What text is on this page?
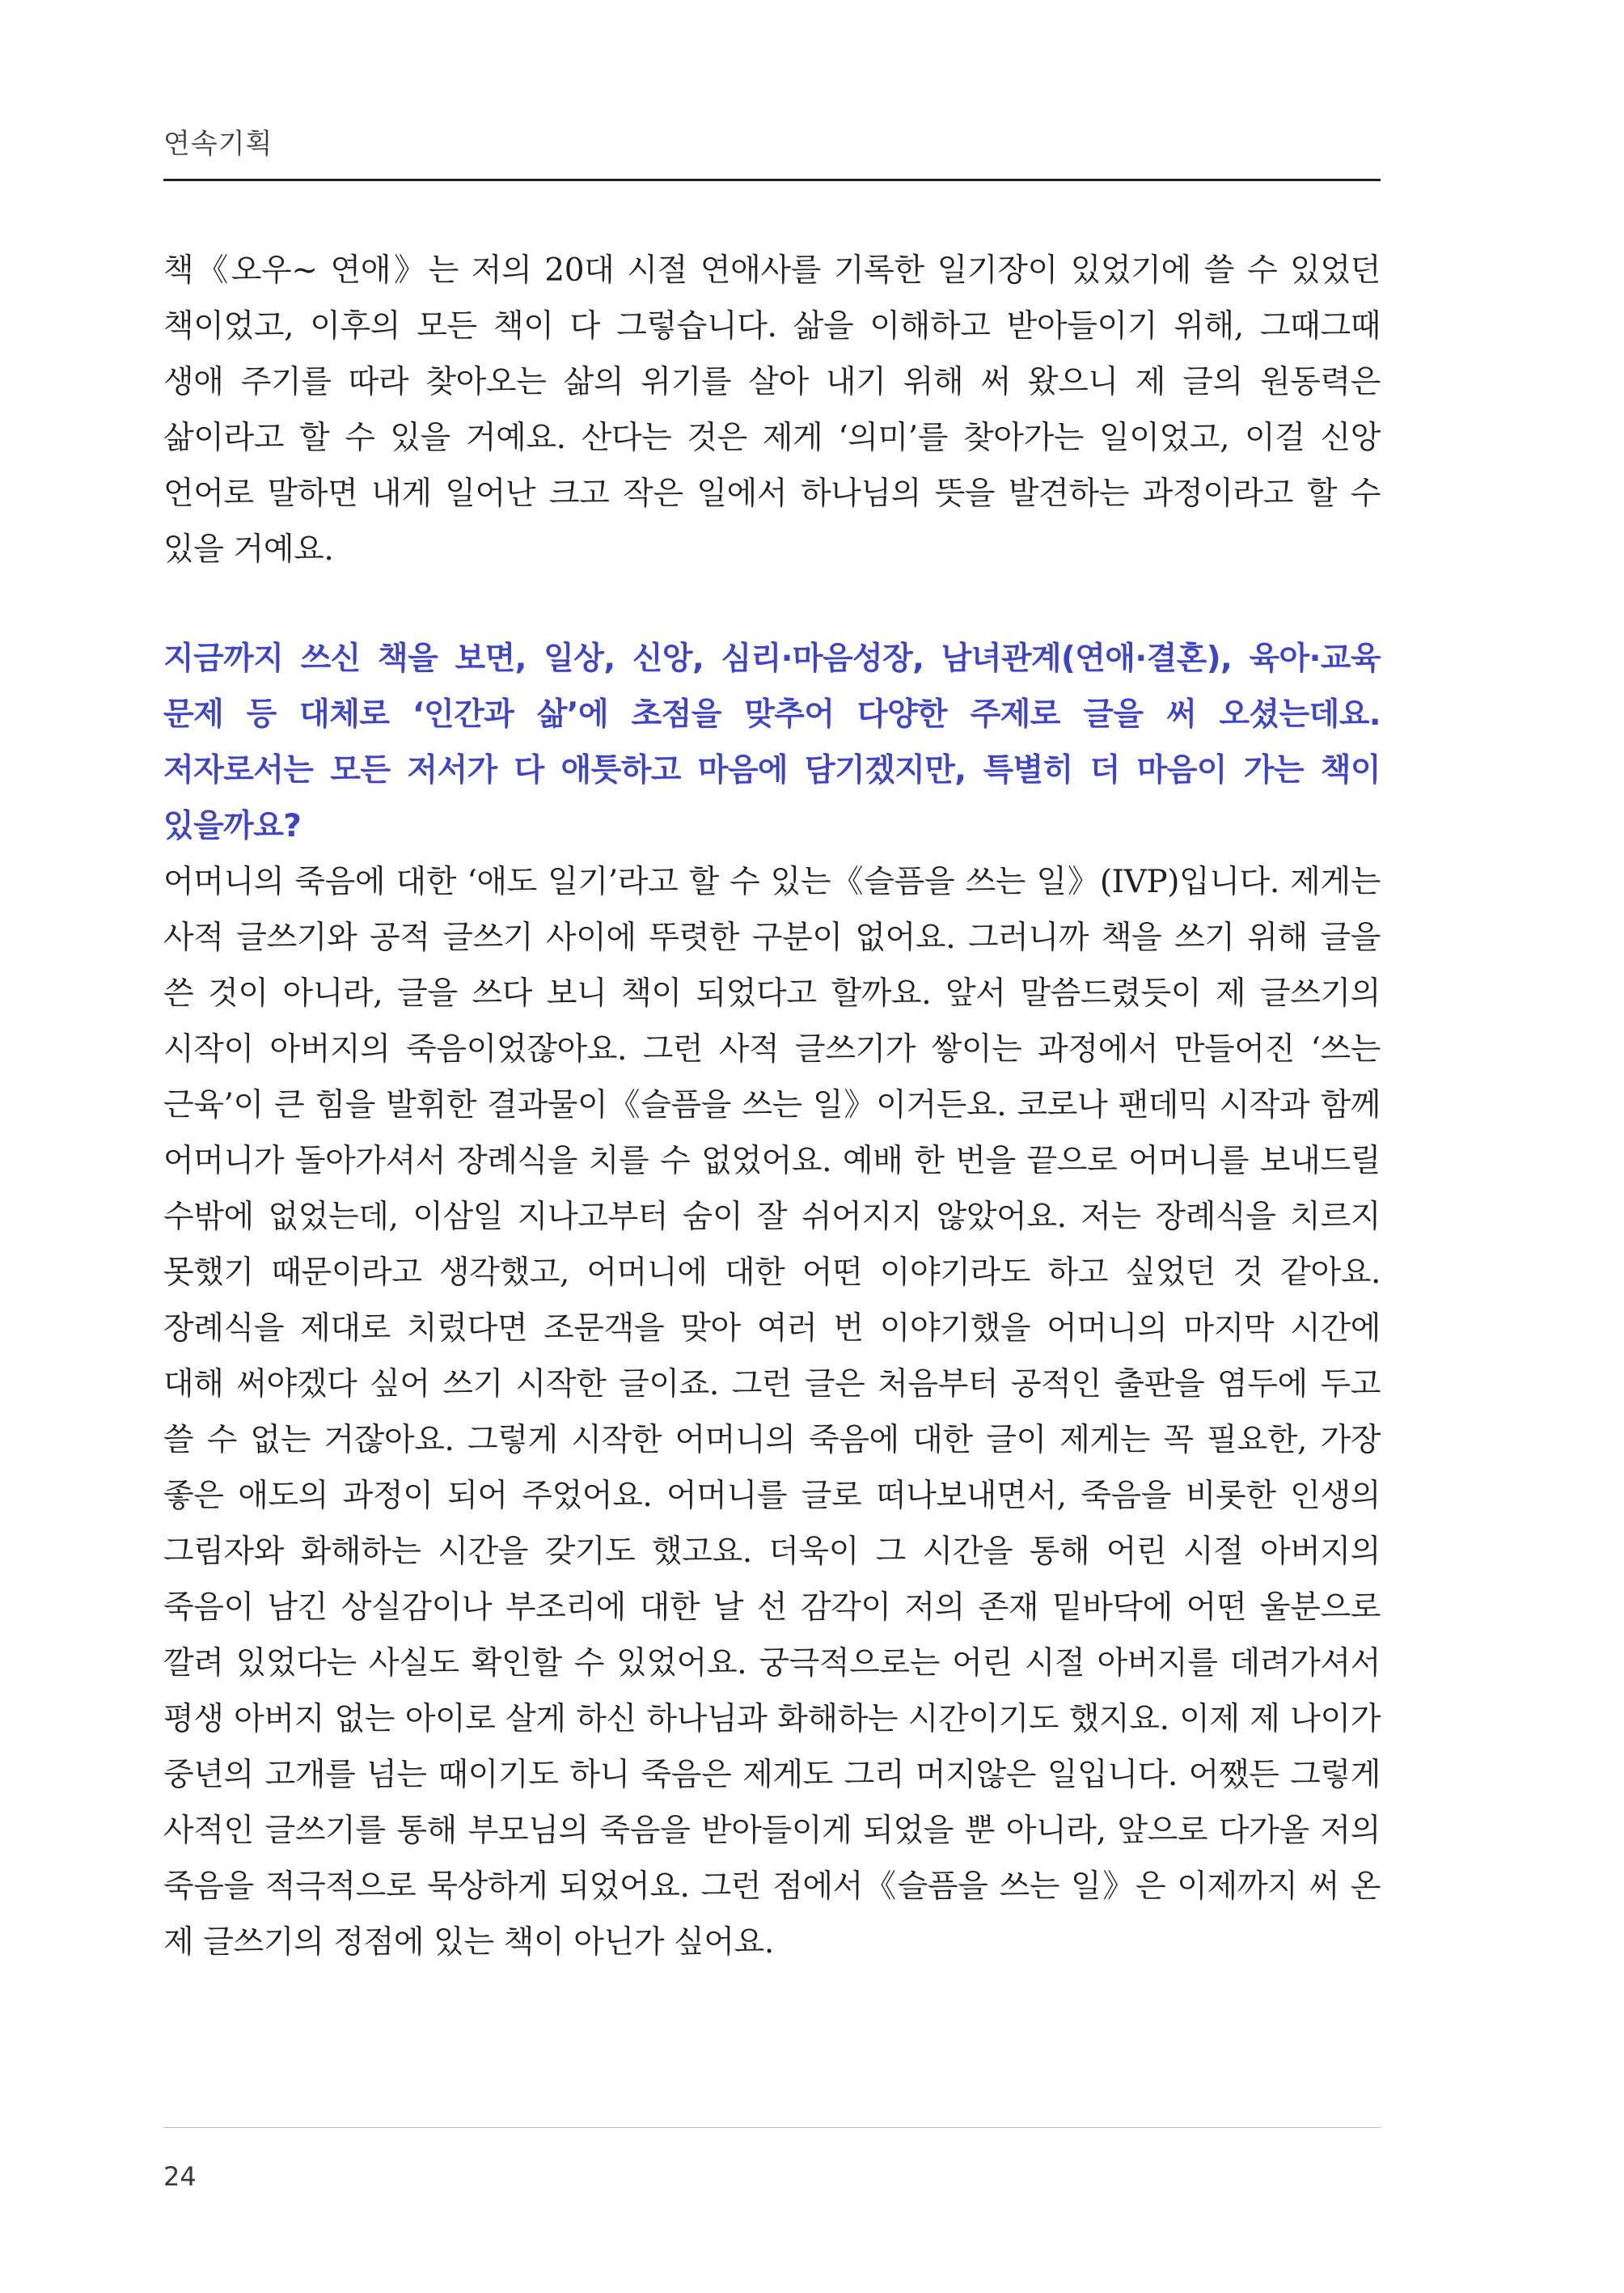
연속기획

책《오우~ 연애》는 저의 20대 시절 연애사를 기록한 일기장이 있었기에 쓸 수 있었던 책이었고, 이후의 모든 책이 다 그렇습니다. 삶을 이해하고 받아들이기 위해, 그때그때 생애 주기를 따라 찾아오는 삶의 위기를 살아 내기 위해 써 왔으니 제 글의 원동력은 삶이라고 할 수 있을 거예요. 산다는 것은 제게 ‘의미’를 찾아가는 일이었고, 이걸 신앙 언어로 말하면 내게 일어난 크고 작은 일에서 하나님의 뜻을 발견하는 과정이라고 할 수 있을 거예요.

지금까지 쓰신 책을 보면, 일상, 신앙, 심리·마음성장, 남녀관계(연애·결혼), 육아·교육 문제 등 대체로 ‘인간과 삶’에 초점을 맞추어 다양한 주제로 글을 써 오셨는데요. 저자로서는 모든 저서가 다 애틋하고 마음에 담기겠지만, 특별히 더 마음이 가는 책이 있을까요?

어머니의 죽음에 대한 ‘애도 일기’라고 할 수 있는《슬픔을 쓰는 일》(IVP)입니다. 제게는 사적 글쓰기와 공적 글쓰기 사이에 뚜렷한 구분이 없어요. 그러니까 책을 쓰기 위해 글을 쓴 것이 아니라, 글을 쓰다 보니 책이 되었다고 할까요. 앞서 말씀드렸듯이 제 글쓰기의 시작이 아버지의 죽음이었잖아요. 그런 사적 글쓰기가 쌓이는 과정에서 만들어진 ‘쓰는 근육’이 큰 힘을 발휘한 결과물이《슬픔을 쓰는 일》이거든요. 코로나 팬데믹 시작과 함께 어머니가 돌아가셔서 장례식을 치를 수 없었어요. 예배 한 번을 끝으로 어머니를 보내드릴 수밖에 없었는데, 이삼일 지나고부터 숨이 잘 쉬어지지 않았어요. 저는 장례식을 치르지 못했기 때문이라고 생각했고, 어머니에 대한 어떤 이야기라도 하고 싶었던 것 같아요. 장례식을 제대로 치렀다면 조문객을 맞아 여러 번 이야기했을 어머니의 마지막 시간에 대해 써야겠다 싶어 쓰기 시작한 글이죠. 그런 글은 처음부터 공적인 출판을 염두에 두고 쓸 수 없는 거잖아요. 그렇게 시작한 어머니의 죽음에 대한 글이 제게는 꼭 필요한, 가장 좋은 애도의 과정이 되어 주었어요. 어머니를 글로 떠나보내면서, 죽음을 비롯한 인생의 그림자와 화해하는 시간을 갖기도 했고요. 더욱이 그 시간을 통해 어린 시절 아버지의 죽음이 남긴 상실감이나 부조리에 대한 날 선 감각이 저의 존재 밑바닥에 어떤 울분으로 깔려 있었다는 사실도 확인할 수 있었어요. 궁극적으로는 어린 시절 아버지를 데려가셔서 평생 아버지 없는 아이로 살게 하신 하나님과 화해하는 시간이기도 했지요. 이제 제 나이가 중년의 고개를 넘는 때이기도 하니 죽음은 제게도 그리 머지않은 일입니다. 어쨌든 그렇게 사적인 글쓰기를 통해 부모님의 죽음을 받아들이게 되었을 뿐 아니라, 앞으로 다가올 저의 죽음을 적극적으로 묵상하게 되었어요. 그런 점에서《슬픔을 쓰는 일》은 이제까지 써 온 제 글쓰기의 정점에 있는 책이 아닌가 싶어요.

24
